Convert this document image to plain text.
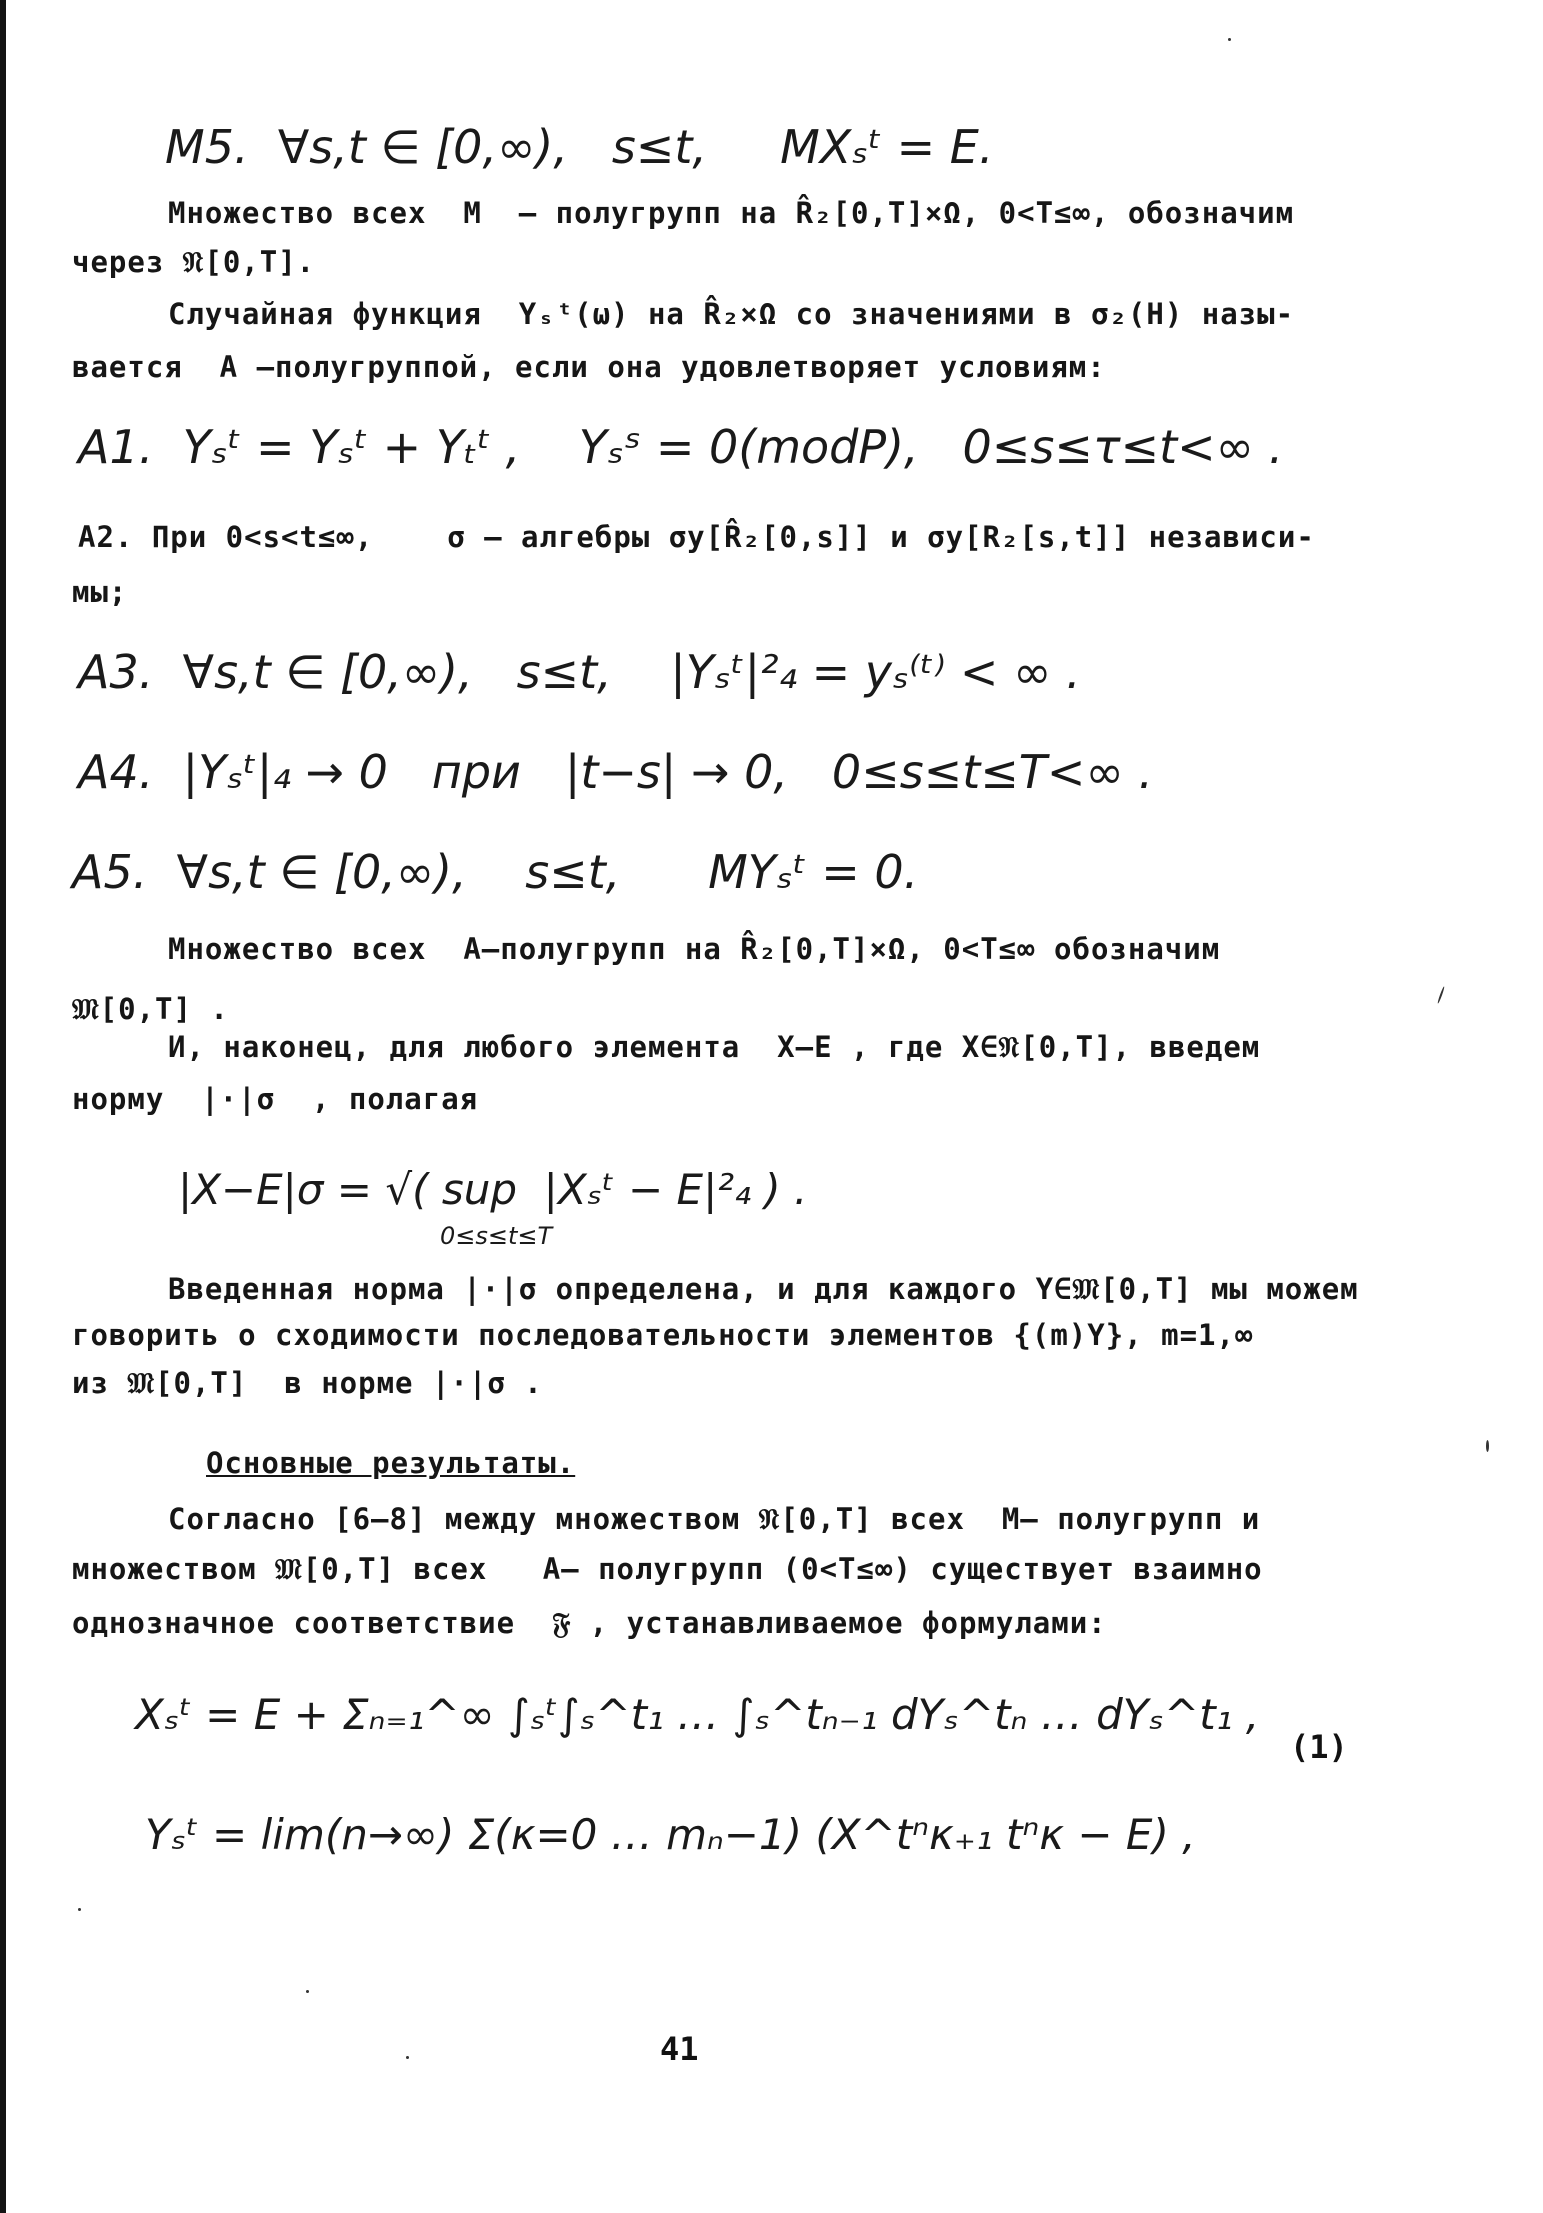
M5.  ∀s,t ∈ [0,∞),   s≤t,     MXₛᵗ = E.
Множество всех  M  – полугрупп на R̂₂[0,T]×Ω, 0<T≤∞, обозначим
через 𝔑[0,T].
Случайная функция  Yₛᵗ(ω) на R̂₂×Ω со значениями в σ₂(H) назы-
вается  A –полугруппой, если она удовлетворяет условиям:
A1.  Yₛᵗ = Yₛᵗ + Yₜᵗ ,    Yₛˢ = 0(modP),   0≤s≤τ≤t<∞ .
A2. При 0<s<t≤∞,    σ – алгебры σy[R̂₂[0,s]] и σy[R₂[s,t]] независи-
мы;
A3.  ∀s,t ∈ [0,∞),   s≤t,    |Yₛᵗ|²₄ = yₛ⁽ᵗ⁾ < ∞ .
A4.  |Yₛᵗ|₄ → 0   при   |t−s| → 0,   0≤s≤t≤T<∞ .
A5.  ∀s,t ∈ [0,∞),    s≤t,      MYₛᵗ = 0.
Множество всех  A–полугрупп на R̂₂[0,T]×Ω, 0<T≤∞ обозначим
𝔐[0,T] .
И, наконец, для любого элемента  X–E , где X∈𝔑[0,T], введем
норму  |·|σ  , полагая
|X−E|σ = √( sup  |Xₛᵗ − E|²₄ ) .
0≤s≤t≤T
Введенная норма |·|σ определена, и для каждого Y∈𝔐[0,T] мы можем
говорить о сходимости последовательности элементов {(m)Y}, m=1,∞
из 𝔐[0,T]  в норме |·|σ .
Основные результаты.
Согласно [6–8] между множеством 𝔑[0,T] всех  M– полугрупп и
множеством 𝔐[0,T] всех   A– полугрупп (0<T≤∞) существует взаимно
однозначное соответствие  𝔉 , устанавливаемое формулами:
Xₛᵗ = E + Σₙ₌₁^∞ ∫ₛᵗ∫ₛ^t₁ … ∫ₛ^tₙ₋₁ dYₛ^tₙ … dYₛ^t₁ ,
(1)
Yₛᵗ = lim(n→∞) Σ(κ=0 … mₙ−1) (X^tⁿκ₊₁ tⁿκ − E) ,
41
